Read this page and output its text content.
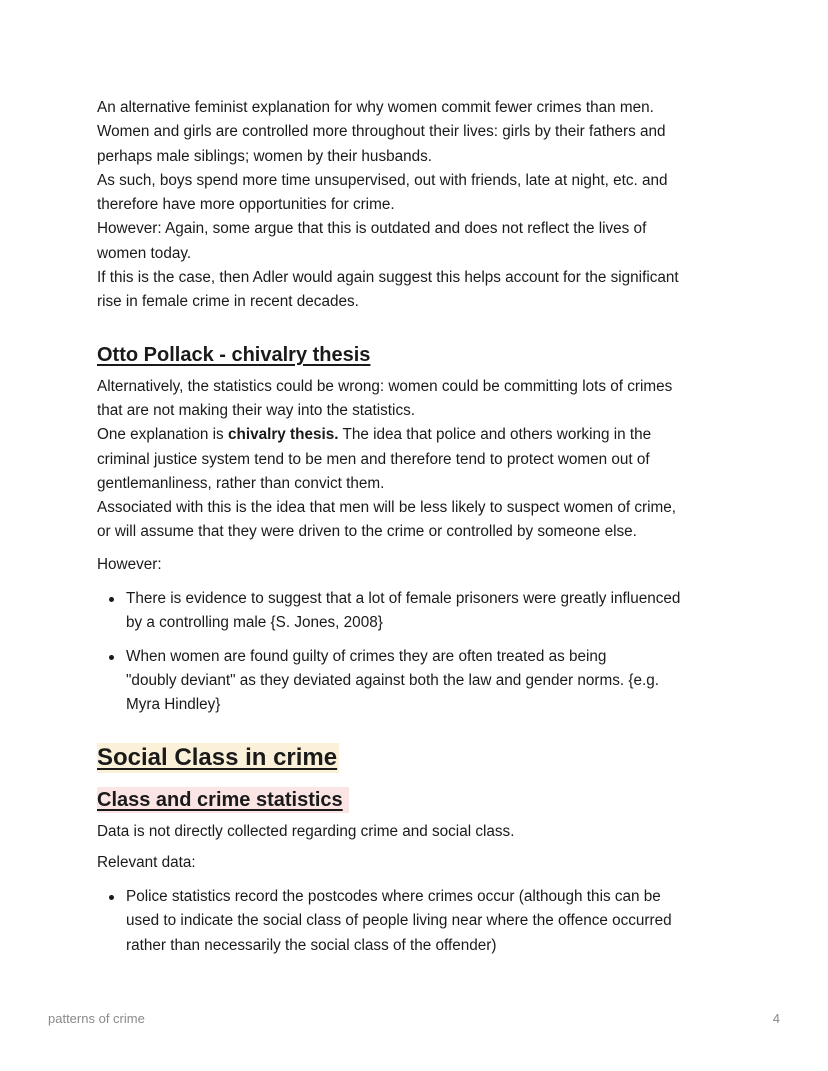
An alternative feminist explanation for why women commit fewer crimes than men.

Women and girls are controlled more throughout their lives: girls by their fathers and

perhaps male siblings; women by their husbands.

As such, boys spend more time unsupervised, out with friends, late at night, etc. and

therefore have more opportunities for crime.

However: Again, some argue that this is outdated and does not reflect the lives of

women today.

If this is the case, then Adler would again suggest this helps account for the significant

rise in female crime in recent decades.

Otto Pollack - chivalry thesis

Alternatively, the statistics could be wrong: women could be committing lots of crimes

that are not making their way into the statistics.

One explanation is chivalry thesis. The idea that police and others working in the

criminal justice system tend to be men and therefore tend to protect women out of

gentlemanliness, rather than convict them.

Associated with this is the idea that men will be less likely to suspect women of crime,

or will assume that they were driven to the crime or controlled by someone else.

However:

There is evidence to suggest that a lot of female prisoners were greatly influenced

by a controlling male {S. Jones, 2008}

When women are found guilty of crimes they are often treated as being

"doubly deviant" as they deviated against both the law and gender norms. {e.g.

Myra Hindley}

Social Class in crime
Class and crime statistics

Data is not directly collected regarding crime and social class.

Relevant data:

Police statistics record the postcodes where crimes occur (although this can be

used to indicate the social class of people living near where the offence occurred

rather than necessarily the social class of the offender)

patterns of crime	4
